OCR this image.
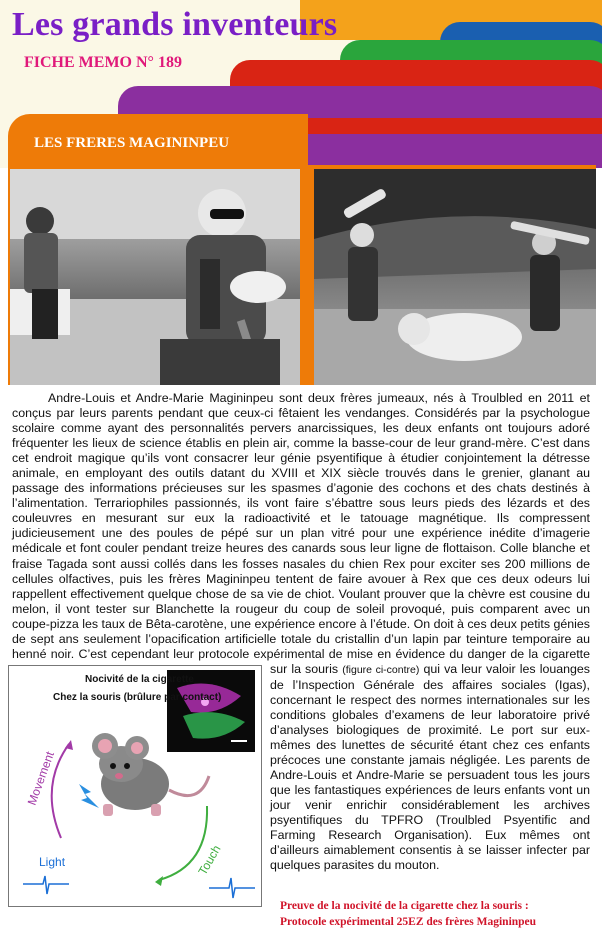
Les grands inventeurs
FICHE MEMO N° 189
LES FRERES MAGININPEU
Andre-Louis et Andre-Marie Magininpeu sont deux frères jumeaux, nés à Troulbled en 2011 et conçus par leurs parents pendant que ceux-ci fêtaient les vendanges. Considérés par la psychologue scolaire comme ayant des personnalités pervers anarcissiques, les deux enfants ont toujours adoré fréquenter les lieux de science établis en plein air, comme la basse-cour de leur grand-mère. C’est dans cet endroit magique qu’ils vont consacrer leur génie psyentifique à étudier conjointement la détresse animale, en employant des outils datant du XVIII et XIX siècle trouvés dans le grenier, glanant au passage des informations précieuses sur les spasmes d’agonie des cochons et des chats destinés à l’alimentation. Terrariophiles passionnés, ils vont faire s’ébattre sous leurs pieds des lézards et des couleuvres en mesurant sur eux la radioactivité et le tatouage magnétique. Ils compressent judicieusement une des poules de pépé sur un plan vitré pour une expérience inédite d’imagerie médicale et font couler pendant treize heures des canards sous leur ligne de flottaison. Colle blanche et fraise Tagada sont aussi collés dans les fosses nasales du chien Rex pour exciter ses 200 millions de cellules olfactives, puis les frères Magininpeu tentent de faire avouer à Rex que ces deux odeurs lui rappellent effectivement quelque chose de sa vie de chiot. Voulant prouver que la chèvre est cousine du melon, il vont tester sur Blanchette la rougeur du coup de soleil provoqué, puis comparent avec un coupe-pizza les taux de Bêta-carotène, une expérience encore à l’étude. On doit à ces deux petits génies de sept ans seulement l’opacification artificielle totale du cristallin d’un lapin par teinture temporaire au henné noir. C’est cependant leur protocole expérimental de mise en évidence du danger de la cigarette sur la souris (figure ci-contre)
Nocivité de la cigarette
Chez la souris (brûlure par contact)
Movement
Light	Touch
qui va leur valoir les louanges de l’Inspection Générale des affaires sociales (Igas), concernant le respect des normes internationales sur les conditions globales d’examens de leur laboratoire privé d’analyses biologiques de proximité. Le port sur eux-mêmes des lunettes de sécurité étant chez ces enfants précoces une constante jamais négligée. Les parents de Andre-Louis et Andre-Marie se persuadent tous les jours que les fantastiques expériences de leurs enfants vont un jour venir enrichir considérablement les archives psyentifiques du TPFRO (Troulbled Psyentific and Farming Research Organisation). Eux mêmes ont d’ailleurs aimablement consentis à se laisser infecter par quelques parasites du mouton.
Preuve de la nocivité de la cigarette chez la souris :
Protocole expérimental 25EZ des frères Magininpeu
